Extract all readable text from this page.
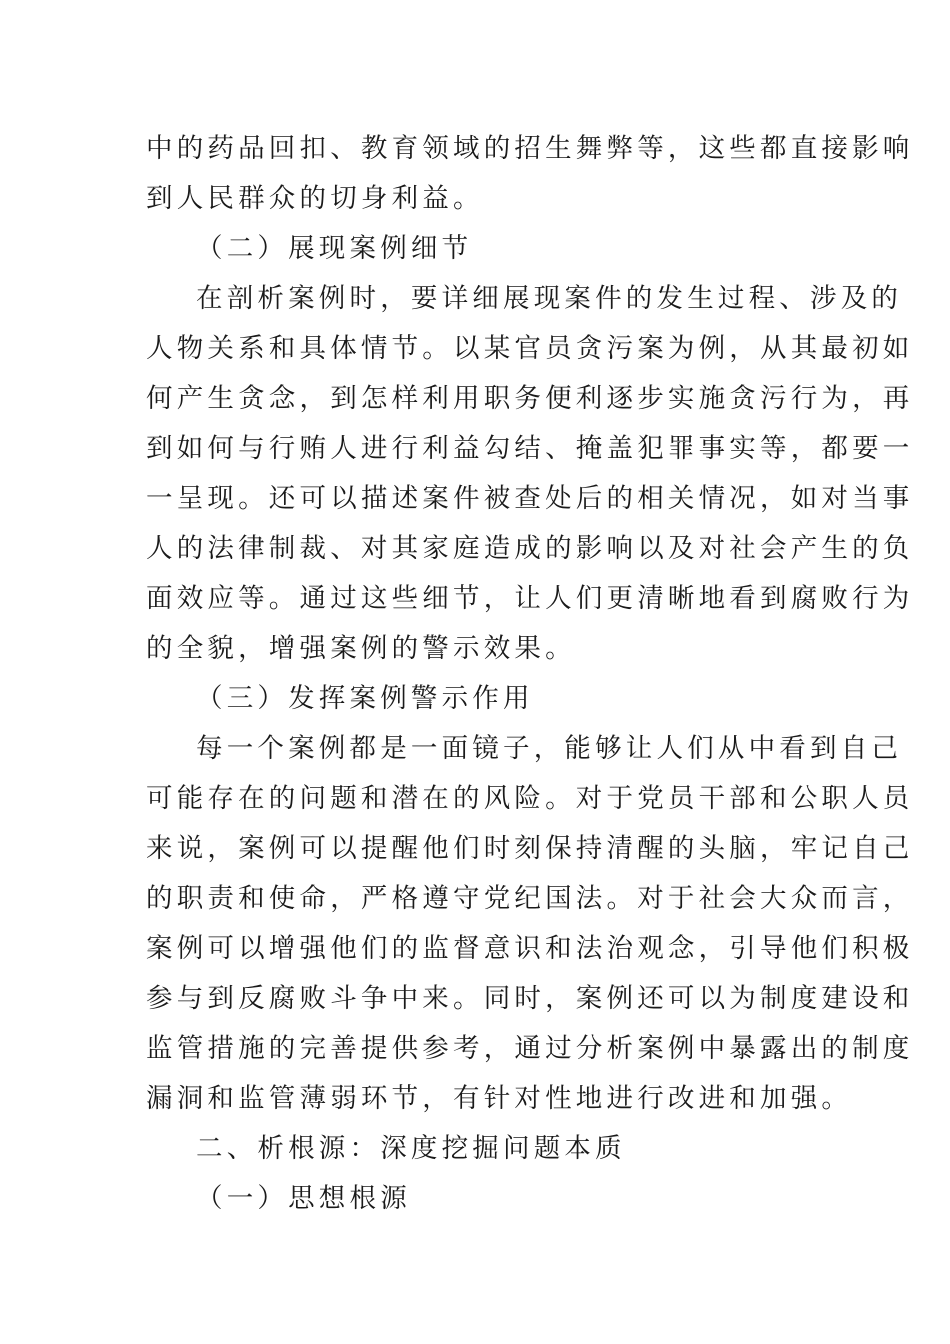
中的药品回扣、教育领域的招生舞弊等，这些都直接影响
到人民群众的切身利益。
（二）展现案例细节
在剖析案例时，要详细展现案件的发生过程、涉及的
人物关系和具体情节。以某官员贪污案为例，从其最初如
何产生贪念，到怎样利用职务便利逐步实施贪污行为，再
到如何与行贿人进行利益勾结、掩盖犯罪事实等，都要一
一呈现。还可以描述案件被查处后的相关情况，如对当事
人的法律制裁、对其家庭造成的影响以及对社会产生的负
面效应等。通过这些细节，让人们更清晰地看到腐败行为
的全貌，增强案例的警示效果。
（三）发挥案例警示作用
每一个案例都是一面镜子，能够让人们从中看到自己
可能存在的问题和潜在的风险。对于党员干部和公职人员
来说，案例可以提醒他们时刻保持清醒的头脑，牢记自己
的职责和使命，严格遵守党纪国法。对于社会大众而言，
案例可以增强他们的监督意识和法治观念，引导他们积极
参与到反腐败斗争中来。同时，案例还可以为制度建设和
监管措施的完善提供参考，通过分析案例中暴露出的制度
漏洞和监管薄弱环节，有针对性地进行改进和加强。
二、析根源：深度挖掘问题本质
（一）思想根源
